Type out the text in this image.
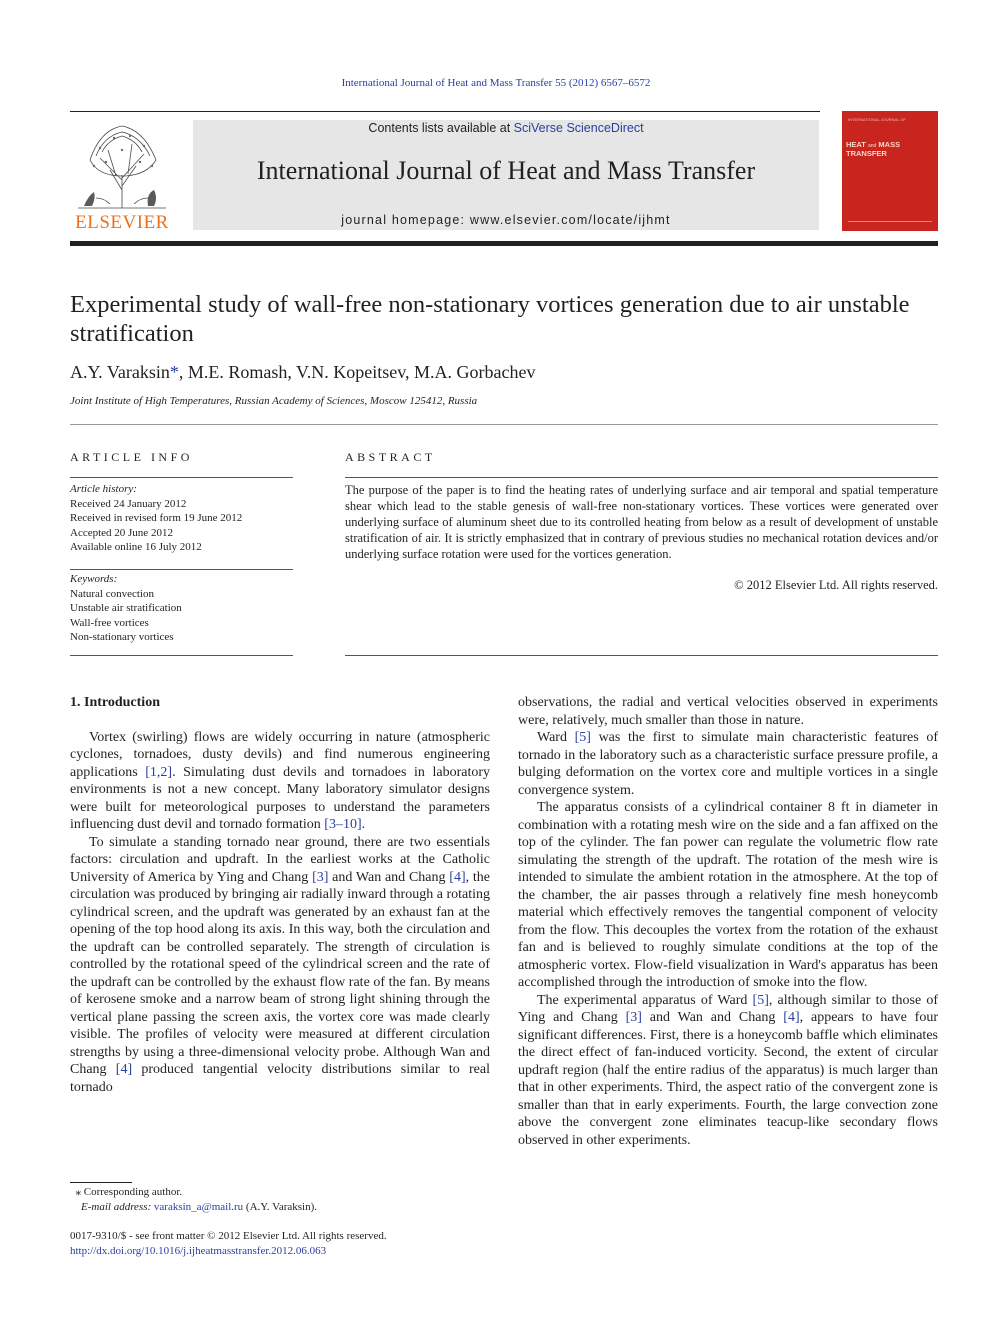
International Journal of Heat and Mass Transfer 55 (2012) 6567–6572
ELSEVIER
Contents lists available at SciVerse ScienceDirect
International Journal of Heat and Mass Transfer
journal homepage: www.elsevier.com/locate/ijhmt
INTERNATIONAL JOURNAL OF
HEAT and MASS
TRANSFER
Experimental study of wall-free non-stationary vortices generation due to air unstable stratification
A.Y. Varaksin*, M.E. Romash, V.N. Kopeitsev, M.A. Gorbachev
Joint Institute of High Temperatures, Russian Academy of Sciences, Moscow 125412, Russia
ARTICLE INFO	ABSTRACT
Article history:
Received 24 January 2012
Received in revised form 19 June 2012
Accepted 20 June 2012
Available online 16 July 2012
Keywords:
Natural convection
Unstable air stratification
Wall-free vortices
Non-stationary vortices
The purpose of the paper is to find the heating rates of underlying surface and air temporal and spatial temperature shear which lead to the stable genesis of wall-free non-stationary vortices. These vortices were generated over underlying surface of aluminum sheet due to its controlled heating from below as a result of development of unstable stratification of air. It is strictly emphasized that in contrary of previous studies no mechanical rotation devices and/or underlying surface rotation were used for the vortices generation.
© 2012 Elsevier Ltd. All rights reserved.

1. Introduction

Vortex (swirling) flows are widely occurring in nature (atmospheric cyclones, tornadoes, dusty devils) and find numerous engineering applications [1,2]. Simulating dust devils and tornadoes in laboratory environments is not a new concept. Many laboratory simulator designs were built for meteorological purposes to understand the parameters influencing dust devil and tornado formation [3–10].

To simulate a standing tornado near ground, there are two essentials factors: circulation and updraft. In the earliest works at the Catholic University of America by Ying and Chang [3] and Wan and Chang [4], the circulation was produced by bringing air radially inward through a rotating cylindrical screen, and the updraft was generated by an exhaust fan at the opening of the top hood along its axis. In this way, both the circulation and the updraft can be controlled separately. The strength of circulation is controlled by the rotational speed of the cylindrical screen and the rate of the updraft can be controlled by the exhaust flow rate of the fan. By means of kerosene smoke and a narrow beam of strong light shining through the vertical plane passing the screen axis, the vortex core was made clearly visible. The profiles of velocity were measured at different circulation strengths by using a three-dimensional velocity probe. Although Wan and Chang [4] produced tangential velocity distributions similar to real tornado

observations, the radial and vertical velocities observed in experiments were, relatively, much smaller than those in nature.

Ward [5] was the first to simulate main characteristic features of tornado in the laboratory such as a characteristic surface pressure profile, a bulging deformation on the vortex core and multiple vortices in a single convergence system.

The apparatus consists of a cylindrical container 8 ft in diameter in combination with a rotating mesh wire on the side and a fan affixed on the top of the cylinder. The fan power can regulate the volumetric flow rate simulating the strength of the updraft. The rotation of the mesh wire is intended to simulate the ambient rotation in the atmosphere. At the top of the chamber, the air passes through a relatively fine mesh honeycomb material which effectively removes the tangential component of velocity from the flow. This decouples the vortex from the rotation of the exhaust fan and is believed to roughly simulate conditions at the top of the atmospheric vortex. Flow-field visualization in Ward's apparatus has been accomplished through the introduction of smoke into the flow.

The experimental apparatus of Ward [5], although similar to those of Ying and Chang [3] and Wan and Chang [4], appears to have four significant differences. First, there is a honeycomb baffle which eliminates the direct effect of fan-induced vorticity. Second, the extent of circular updraft region (half the entire radius of the apparatus) is much larger than that in other experiments. Third, the aspect ratio of the convergent zone is smaller than that in early experiments. Fourth, the large convection zone above the convergent zone eliminates teacup-like secondary flows observed in other experiments.

⁎ Corresponding author.
E-mail address: varaksin_a@mail.ru (A.Y. Varaksin).
0017-9310/$ - see front matter © 2012 Elsevier Ltd. All rights reserved.
http://dx.doi.org/10.1016/j.ijheatmasstransfer.2012.06.063
